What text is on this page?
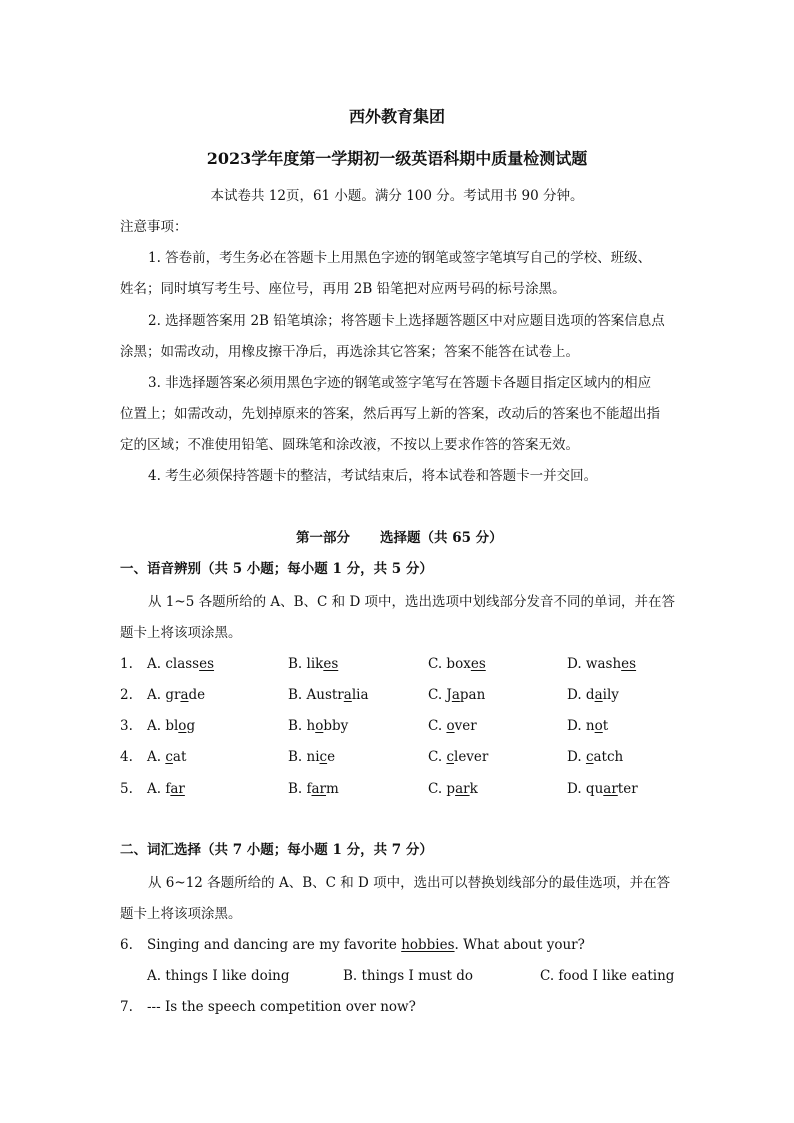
西外教育集团
2023学年度第一学期初一级英语科期中质量检测试题
本试卷共 12页，61 小题。满分 100 分。考试用书 90 分钟。
注意事项：
1. 答卷前，考生务必在答题卡上用黑色字迹的钢笔或签字笔填写自己的学校、班级、
姓名；同时填写考生号、座位号，再用 2B 铅笔把对应两号码的标号涂黑。
2. 选择题答案用 2B 铅笔填涂；将答题卡上选择题答题区中对应题目选项的答案信息点
涂黑；如需改动，用橡皮擦干净后，再选涂其它答案；答案不能答在试卷上。
3. 非选择题答案必须用黑色字迹的钢笔或签字笔写在答题卡各题目指定区域内的相应
位置上；如需改动，先划掉原来的答案，然后再写上新的答案，改动后的答案也不能超出指
定的区域；不准使用铅笔、圆珠笔和涂改液，不按以上要求作答的答案无效。
4. 考生必须保持答题卡的整洁，考试结束后，将本试卷和答题卡一并交回。
第一部分 选择题（共 65 分）
一、语音辨别（共 5 小题；每小题 1 分，共 5 分）
从 1~5 各题所给的 A、B、C 和 D 项中，选出选项中划线部分发音不同的单词，并在答
题卡上将该项涂黑。
1. A. classes	B. likes	C. boxes	D. washes
2. A. grade	B. Australia	C. Japan	D. daily
3. A. blog	B. hobby	C. over	D. not
4. A. cat	B. nice	C. clever	D. catch
5. A. far	B. farm	C. park	D. quarter
二、词汇选择（共 7 小题；每小题 1 分，共 7 分）
从 6~12 各题所给的 A、B、C 和 D 项中，选出可以替换划线部分的最佳选项，并在答
题卡上将该项涂黑。
6. Singing and dancing are my favorite hobbies. What about your?
A. things I like doing	B. things I must do	C. food I like eating
7. --- Is the speech competition over now?
